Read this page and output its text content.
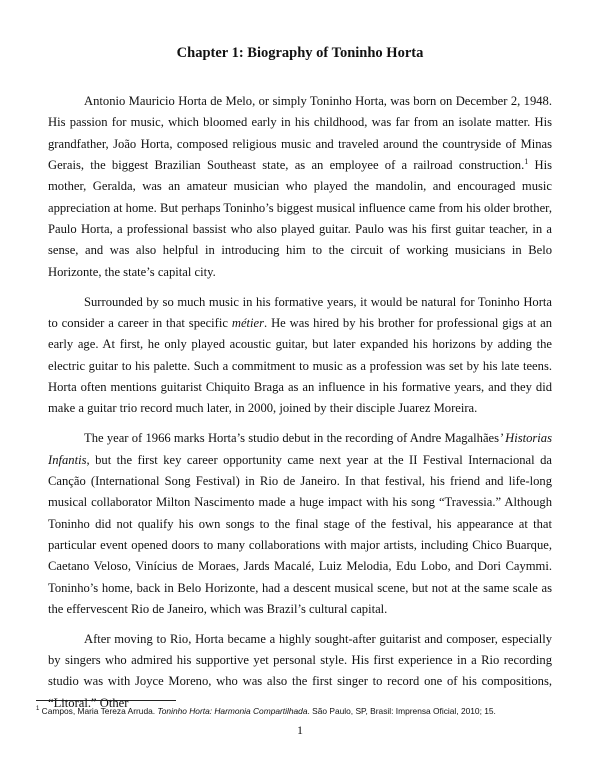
Chapter 1: Biography of Toninho Horta

Antonio Mauricio Horta de Melo, or simply Toninho Horta, was born on December 2, 1948. His passion for music, which bloomed early in his childhood, was far from an isolate matter. His grandfather, João Horta, composed religious music and traveled around the countryside of Minas Gerais, the biggest Brazilian Southeast state, as an employee of a railroad construction.$^1$ His mother, Geralda, was an amateur musician who played the mandolin, and encouraged music appreciation at home. But perhaps Toninho’s biggest musical influence came from his older brother, Paulo Horta, a professional bassist who also played guitar. Paulo was his first guitar teacher, in a sense, and was also helpful in introducing him to the circuit of working musicians in Belo Horizonte, the state’s capital city.

Surrounded by so much music in his formative years, it would be natural for Toninho Horta to consider a career in that specific métier. He was hired by his brother for professional gigs at an early age. At first, he only played acoustic guitar, but later expanded his horizons by adding the electric guitar to his palette. Such a commitment to music as a profession was set by his late teens. Horta often mentions guitarist Chiquito Braga as an influence in his formative years, and they did make a guitar trio record much later, in 2000, joined by their disciple Juarez Moreira.

The year of 1966 marks Horta’s studio debut in the recording of Andre Magalhães’ Historias Infantis, but the first key career opportunity came next year at the II Festival Internacional da Canção (International Song Festival) in Rio de Janeiro. In that festival, his friend and life-long musical collaborator Milton Nascimento made a huge impact with his song “Travessia.” Although Toninho did not qualify his own songs to the final stage of the festival, his appearance at that particular event opened doors to many collaborations with major artists, including Chico Buarque, Caetano Veloso, Vinícius de Moraes, Jards Macalé, Luiz Melodia, Edu Lobo, and Dori Caymmi. Toninho’s home, back in Belo Horizonte, had a descent musical scene, but not at the same scale as the effervescent Rio de Janeiro, which was Brazil’s cultural capital.

After moving to Rio, Horta became a highly sought-after guitarist and composer, especially by singers who admired his supportive yet personal style. His first experience in a Rio recording studio was with Joyce Moreno, who was also the first singer to record one of his compositions, “Litoral.” Other

$^1$ Campos, Maria Tereza Arruda. Toninho Horta: Harmonia Compartilhada. São Paulo, SP, Brasil: Imprensa Oficial, 2010; 15.
1
